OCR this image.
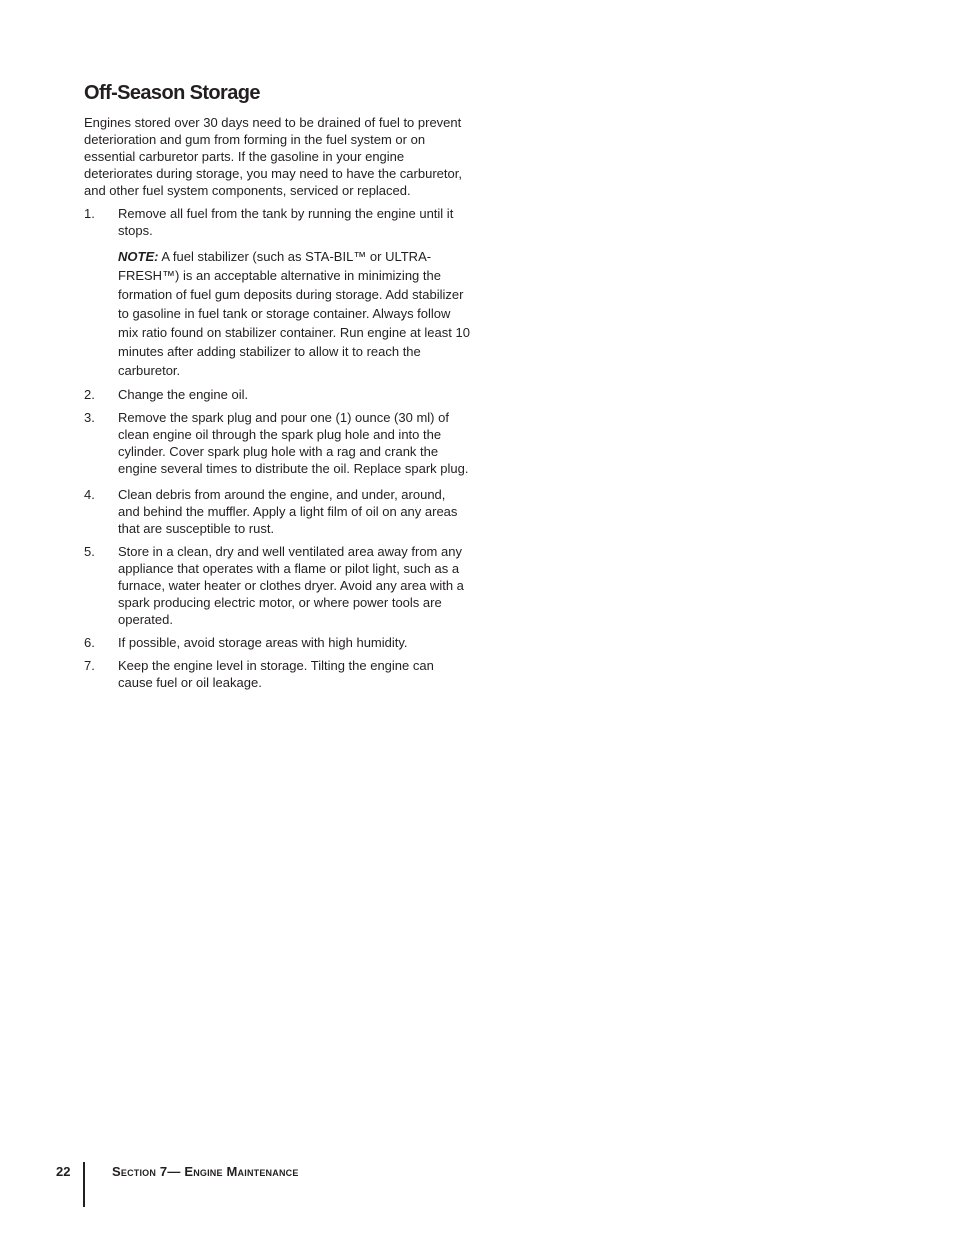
Off-Season Storage

Engines stored over 30 days need to be drained of fuel to prevent deterioration and gum from forming in the fuel system or on essential carburetor parts. If the gasoline in your engine deteriorates during storage, you may need to have the carburetor, and other fuel system components, serviced or replaced.

1. Remove all fuel from the tank by running the engine until it stops.

NOTE: A fuel stabilizer (such as STA-BIL™ or ULTRA-FRESH™) is an acceptable alternative in minimizing the formation of fuel gum deposits during storage. Add stabilizer to gasoline in fuel tank or storage container. Always follow mix ratio found on stabilizer container. Run engine at least 10 minutes after adding stabilizer to allow it to reach the carburetor.

2. Change the engine oil.
3. Remove the spark plug and pour one (1) ounce (30 ml) of clean engine oil through the spark plug hole and into the cylinder. Cover spark plug hole with a rag and crank the engine several times to distribute the oil. Replace spark plug.
4. Clean debris from around the engine, and under, around, and behind the muffler. Apply a light film of oil on any areas that are susceptible to rust.
5. Store in a clean, dry and well ventilated area away from any appliance that operates with a flame or pilot light, such as a furnace, water heater or clothes dryer. Avoid any area with a spark producing electric motor, or where power tools are operated.
6. If possible, avoid storage areas with high humidity.
7. Keep the engine level in storage. Tilting the engine can cause fuel or oil leakage.
22	Section 7— Engine Maintenance
